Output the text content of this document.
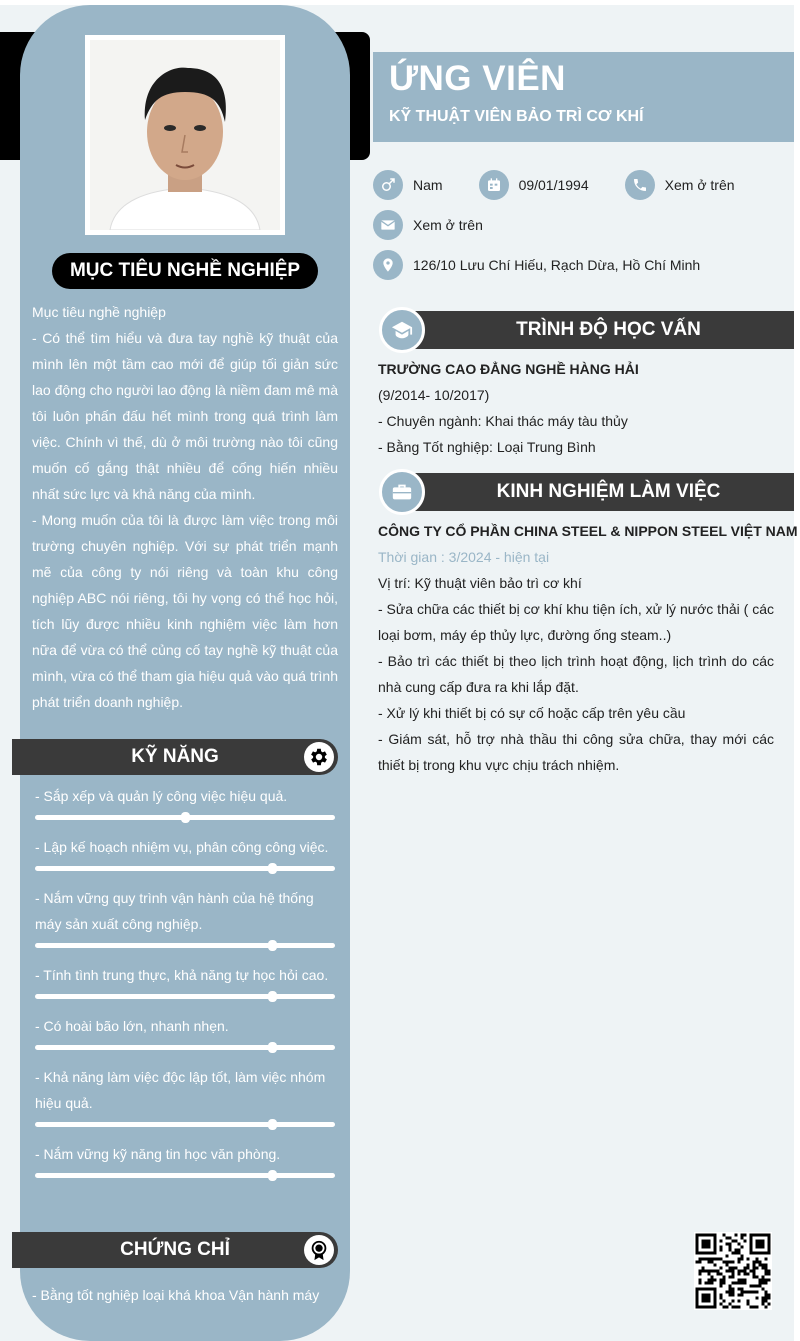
MỤC TIÊU NGHỀ NGHIỆP

Mục tiêu nghề nghiệp

- Có thể tìm hiểu và đưa tay nghề kỹ thuật của mình lên một tầm cao mới để giúp tối giản sức lao động cho người lao động là niềm đam mê mà tôi luôn phấn đấu hết mình trong quá trình làm việc. Chính vì thế, dù ở môi trường nào tôi cũng muốn cố gắng thật nhiều để cống hiến nhiều nhất sức lực và khả năng của mình.

- Mong muốn của tôi là được làm việc trong môi trường chuyên nghiệp. Với sự phát triển mạnh mẽ của công ty nói riêng và toàn khu công nghiệp ABC nói riêng, tôi hy vọng có thể học hỏi, tích lũy được nhiều kinh nghiệm việc làm hơn nữa để vừa có thể củng cố tay nghề kỹ thuật của mình, vừa có thể tham gia hiệu quả vào quá trình phát triển doanh nghiệp.

KỸ NĂNG
- Sắp xếp và quản lý công việc hiệu quả.
- Lập kế hoạch nhiệm vụ, phân công công việc.
- Nắm vững quy trình vận hành của hệ thống máy sản xuất công nghiệp.
- Tính tình trung thực, khả năng tự học hỏi cao.
- Có hoài bão lớn, nhanh nhẹn.
- Khả năng làm việc độc lập tốt, làm việc nhóm hiệu quả.
- Nắm vững kỹ năng tin học văn phòng.
CHỨNG CHỈ
- Bằng tốt nghiệp loại khá khoa Vận hành máy
ỨNG VIÊN
KỸ THUẬT VIÊN BẢO TRÌ CƠ KHÍ
Nam	09/01/1994	Xem ở trên
Xem ở trên
126/10 Lưu Chí Hiếu, Rạch Dừa, Hồ Chí Minh
TRÌNH ĐỘ HỌC VẤN
TRƯỜNG CAO ĐẲNG NGHỀ HÀNG HẢI
(9/2014- 10/2017)
- Chuyên ngành: Khai thác máy tàu thủy
- Bằng Tốt nghiệp: Loại Trung Bình
KINH NGHIỆM LÀM VIỆC
CÔNG TY CỔ PHẦN CHINA STEEL & NIPPON STEEL VIỆT NAM
Thời gian : 3/2024 - hiện tại
Vị trí: Kỹ thuật viên bảo trì cơ khí
- Sửa chữa các thiết bị cơ khí khu tiện ích, xử lý nước thải ( các loại bơm, máy ép thủy lực, đường ống steam..)
- Bảo trì các thiết bị theo lịch trình hoạt động, lịch trình do các nhà cung cấp đưa ra khi lắp đặt.
- Xử lý khi thiết bị có sự cố hoặc cấp trên yêu cầu
- Giám sát, hỗ trợ nhà thầu thi công sửa chữa, thay mới các thiết bị trong khu vực chịu trách nhiệm.
